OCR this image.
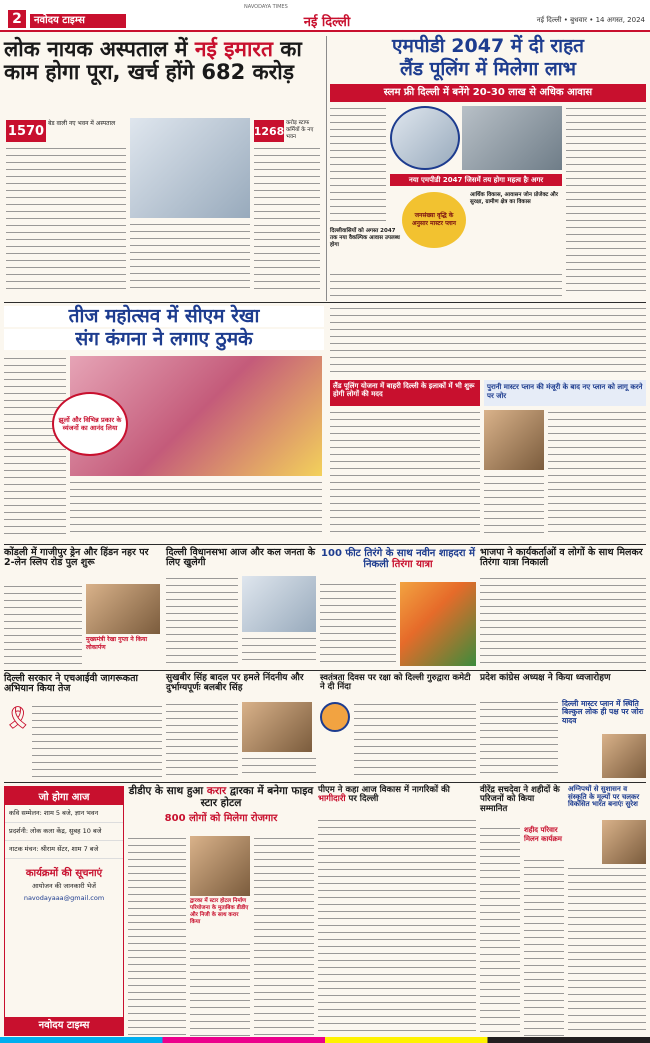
2	नवोदय टाइम्स
NAVODAYA TIMES
नई दिल्ली	नई दिल्ली • बुधवार • 14 अगस्त, 2024
लोक नायक अस्पताल में नई इमारत का काम होगा पूरा, खर्च होंगे 682 करोड़
1570 बेड वाली नए भवन में अस्पताल
1268
करोड़ स्टाफ कर्मियों के नए भवन
एमपीडी 2047 में दी राहत
लैंड पूलिंग में मिलेगा लाभ
स्लम फ्री दिल्ली में बनेंगे 20-30 लाख से अधिक आवास
नया एमपीडी 2047 जिसमें तय होगा महत्व हैः अगर
दिल्लीवासियों को अगस्त 2047 तक नया वैकल्पिक आवास उपलब्ध होगा
जनसंख्या वृद्धि के अनुसार मास्टर प्लान
आर्थिक विकास, आवासन जोन प्रोजेक्ट और सुरक्षा, ग्रामीण क्षेत्र का विकास
तीज महोत्सव में सीएम रेखा
संग कंगना ने लगाए ठुमके
झूलों और विभिन्न प्रकार के व्यंजनों का आनंद लिया
लैंड पूलिंग योजना में बाहरी दिल्ली के इलाकों में भी शुरू होगी लोगों की मदद
पुरानी मास्टर प्लान की मंजूरी के बाद नए प्लान को लागू करने पर जोर
कोंडली में गाजीपुर ड्रेन और हिंडन नहर पर 2-लेन स्लिप रोड पुल शुरू
मुख्यमंत्री रेखा गुप्ता ने किया लोकार्पण
दिल्ली विधानसभा आज और कल जनता के लिए खुलेगी
100 फीट तिरंगे के साथ नवीन शाहदरा में निकली तिरंगा यात्रा
भाजपा ने कार्यकर्ताओं व लोगों के साथ मिलकर तिरंगा यात्रा निकाली
दिल्ली सरकार ने एचआईवी जागरूकता अभियान किया तेज
🎗
सुखबीर सिंह बादल पर हमले निंदनीय और दुर्भाग्यपूर्णः बलबीर सिंह
स्वतंत्रता दिवस पर रक्षा को दिल्ली गुरुद्वारा कमेटी ने दी निंदा
प्रदेश कांग्रेस अध्यक्ष ने किया ध्वजारोहण
दिल्ली मास्टर प्लान में स्थिति बिल्कुल लोक ही पक्ष पर जोरः यादव
जो होगा आज
कवि सम्मेलन: शाम 5 बजे, ज्ञान भवन
प्रदर्शनी: लोक कला केंद्र, सुबह 10 बजे
नाटक मंचन: श्रीराम सेंटर, शाम 7 बजे
कार्यक्रमों की सूचनाएं
आयोजन की जानकारी भेजें
navodayaaa@gmail.com
नवोदय टाइम्स
डीडीए के साथ हुआ करार द्वारका में बनेगा फाइव स्टार होटल
800 लोगों को मिलेगा रोजगार
द्वारका में स्टार होटल निर्माण परियोजना के मुताबिक डीडीए और निजी के साथ करार किया
पीएम ने कहा आज विकास में नागरिकों की भागीदारी पर दिल्ली
वीरेंद्र सचदेवा ने शहीदों के परिजनों को किया सम्मानित
शहीद परिवार मिलन कार्यक्रम
अग्निपथों से सुशासन व संस्कृति के मूल्यों पर चलकर विकसित भारत बनाएंः सुरेश
